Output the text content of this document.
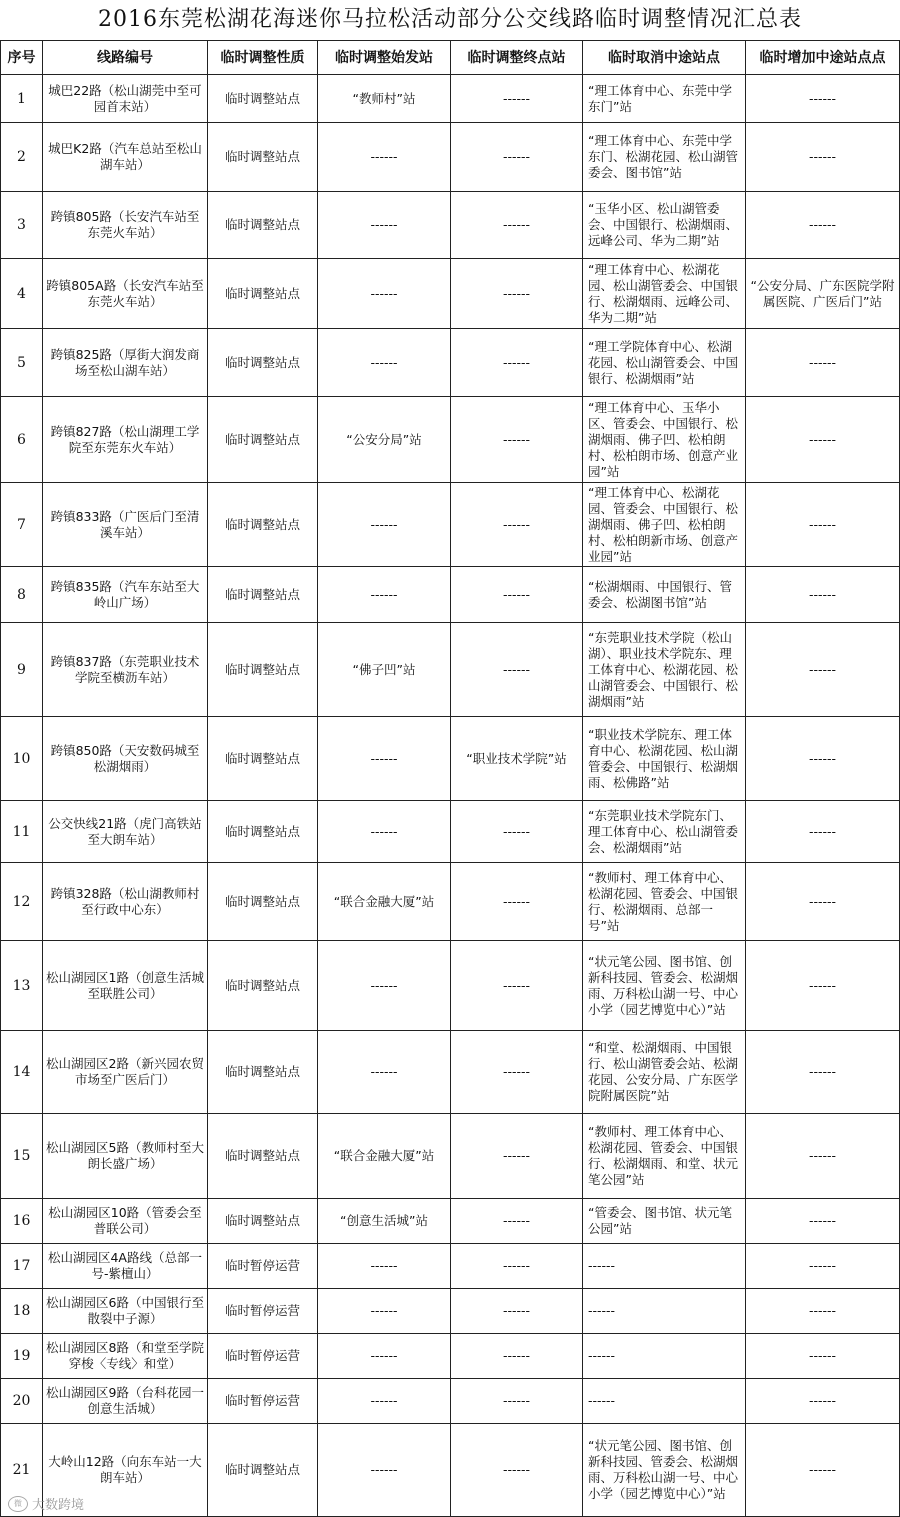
2016东莞松湖花海迷你马拉松活动部分公交线路临时调整情况汇总表
序号	线路编号	临时调整性质	临时调整始发站	临时调整终点站	临时取消中途站点	临时增加中途站点点
1	城巴22路（松山湖莞中至可园首末站）	临时调整站点	“教师村”站	------	“理工体育中心、东莞中学东门”站	------
2	城巴K2路（汽车总站至松山湖车站）	临时调整站点	------	------	“理工体育中心、东莞中学东门、松湖花园、松山湖管委会、图书馆”站	------
3	跨镇805路（长安汽车站至东莞火车站）	临时调整站点	------	------	“玉华小区、松山湖管委会、中国银行、松湖烟雨、远峰公司、华为二期”站	------
4	跨镇805A路（长安汽车站至东莞火车站）	临时调整站点	------	------	“理工体育中心、松湖花园、松山湖管委会、中国银行、松湖烟雨、远峰公司、华为二期”站	“公安分局、广东医院学附属医院、广医后门”站
5	跨镇825路（厚街大润发商场至松山湖车站）	临时调整站点	------	------	“理工学院体育中心、松湖花园、松山湖管委会、中国银行、松湖烟雨”站	------
6	跨镇827路（松山湖理工学院至东莞东火车站）	临时调整站点	“公安分局”站	------	“理工体育中心、玉华小区、管委会、中国银行、松湖烟雨、佛子凹、松柏朗村、松柏朗市场、创意产业园”站	------
7	跨镇833路（广医后门至清溪车站）	临时调整站点	------	------	“理工体育中心、松湖花园、管委会、中国银行、松湖烟雨、佛子凹、松柏朗村、松柏朗新市场、创意产业园”站	------
8	跨镇835路（汽车东站至大岭山广场）	临时调整站点	------	------	“松湖烟雨、中国银行、管委会、松湖图书馆”站	------
9	跨镇837路（东莞职业技术学院至横沥车站）	临时调整站点	“佛子凹”站	------	“东莞职业技术学院（松山湖）、职业技术学院东、理工体育中心、松湖花园、松山湖管委会、中国银行、松湖烟雨”站	------
10	跨镇850路（天安数码城至松湖烟雨）	临时调整站点	------	“职业技术学院”站	“职业技术学院东、理工体育中心、松湖花园、松山湖管委会、中国银行、松湖烟雨、松佛路”站	------
11	公交快线21路（虎门高铁站至大朗车站）	临时调整站点	------	------	“东莞职业技术学院东门、理工体育中心、松山湖管委会、松湖烟雨”站	------
12	跨镇328路（松山湖教师村至行政中心东）	临时调整站点	“联合金融大厦”站	------	“教师村、理工体育中心、松湖花园、管委会、中国银行、松湖烟雨、总部一号”站	------
13	松山湖园区1路（创意生活城至联胜公司）	临时调整站点	------	------	“状元笔公园、图书馆、创新科技园、管委会、松湖烟雨、万科松山湖一号、中心小学（园艺博览中心）”站	------
14	松山湖园区2路（新兴园农贸市场至广医后门）	临时调整站点	------	------	“和堂、松湖烟雨、中国银行、松山湖管委会站、松湖花园、公安分局、广东医学院附属医院”站	------
15	松山湖园区5路（教师村至大朗长盛广场）	临时调整站点	“联合金融大厦”站	------	“教师村、理工体育中心、松湖花园、管委会、中国银行、松湖烟雨、和堂、状元笔公园”站	------
16	松山湖园区10路（管委会至普联公司）	临时调整站点	“创意生活城”站	------	“管委会、图书馆、状元笔公园”站	------
17	松山湖园区4A路线（总部一号-紫檀山）	临时暂停运营	------	------	------	------
18	松山湖园区6路（中国银行至散裂中子源）	临时暂停运营	------	------	------	------
19	松山湖园区8路（和堂至学院穿梭〈专线〉和堂）	临时暂停运营	------	------	------	------
20	松山湖园区9路（台科花园一创意生活城）	临时暂停运营	------	------	------	------
21	大岭山12路（向东车站一大朗车站）	临时调整站点	------	------	“状元笔公园、图书馆、创新科技园、管委会、松湖烟雨、万科松山湖一号、中心小学（园艺博览中心）”站	------
微 大数跨境
